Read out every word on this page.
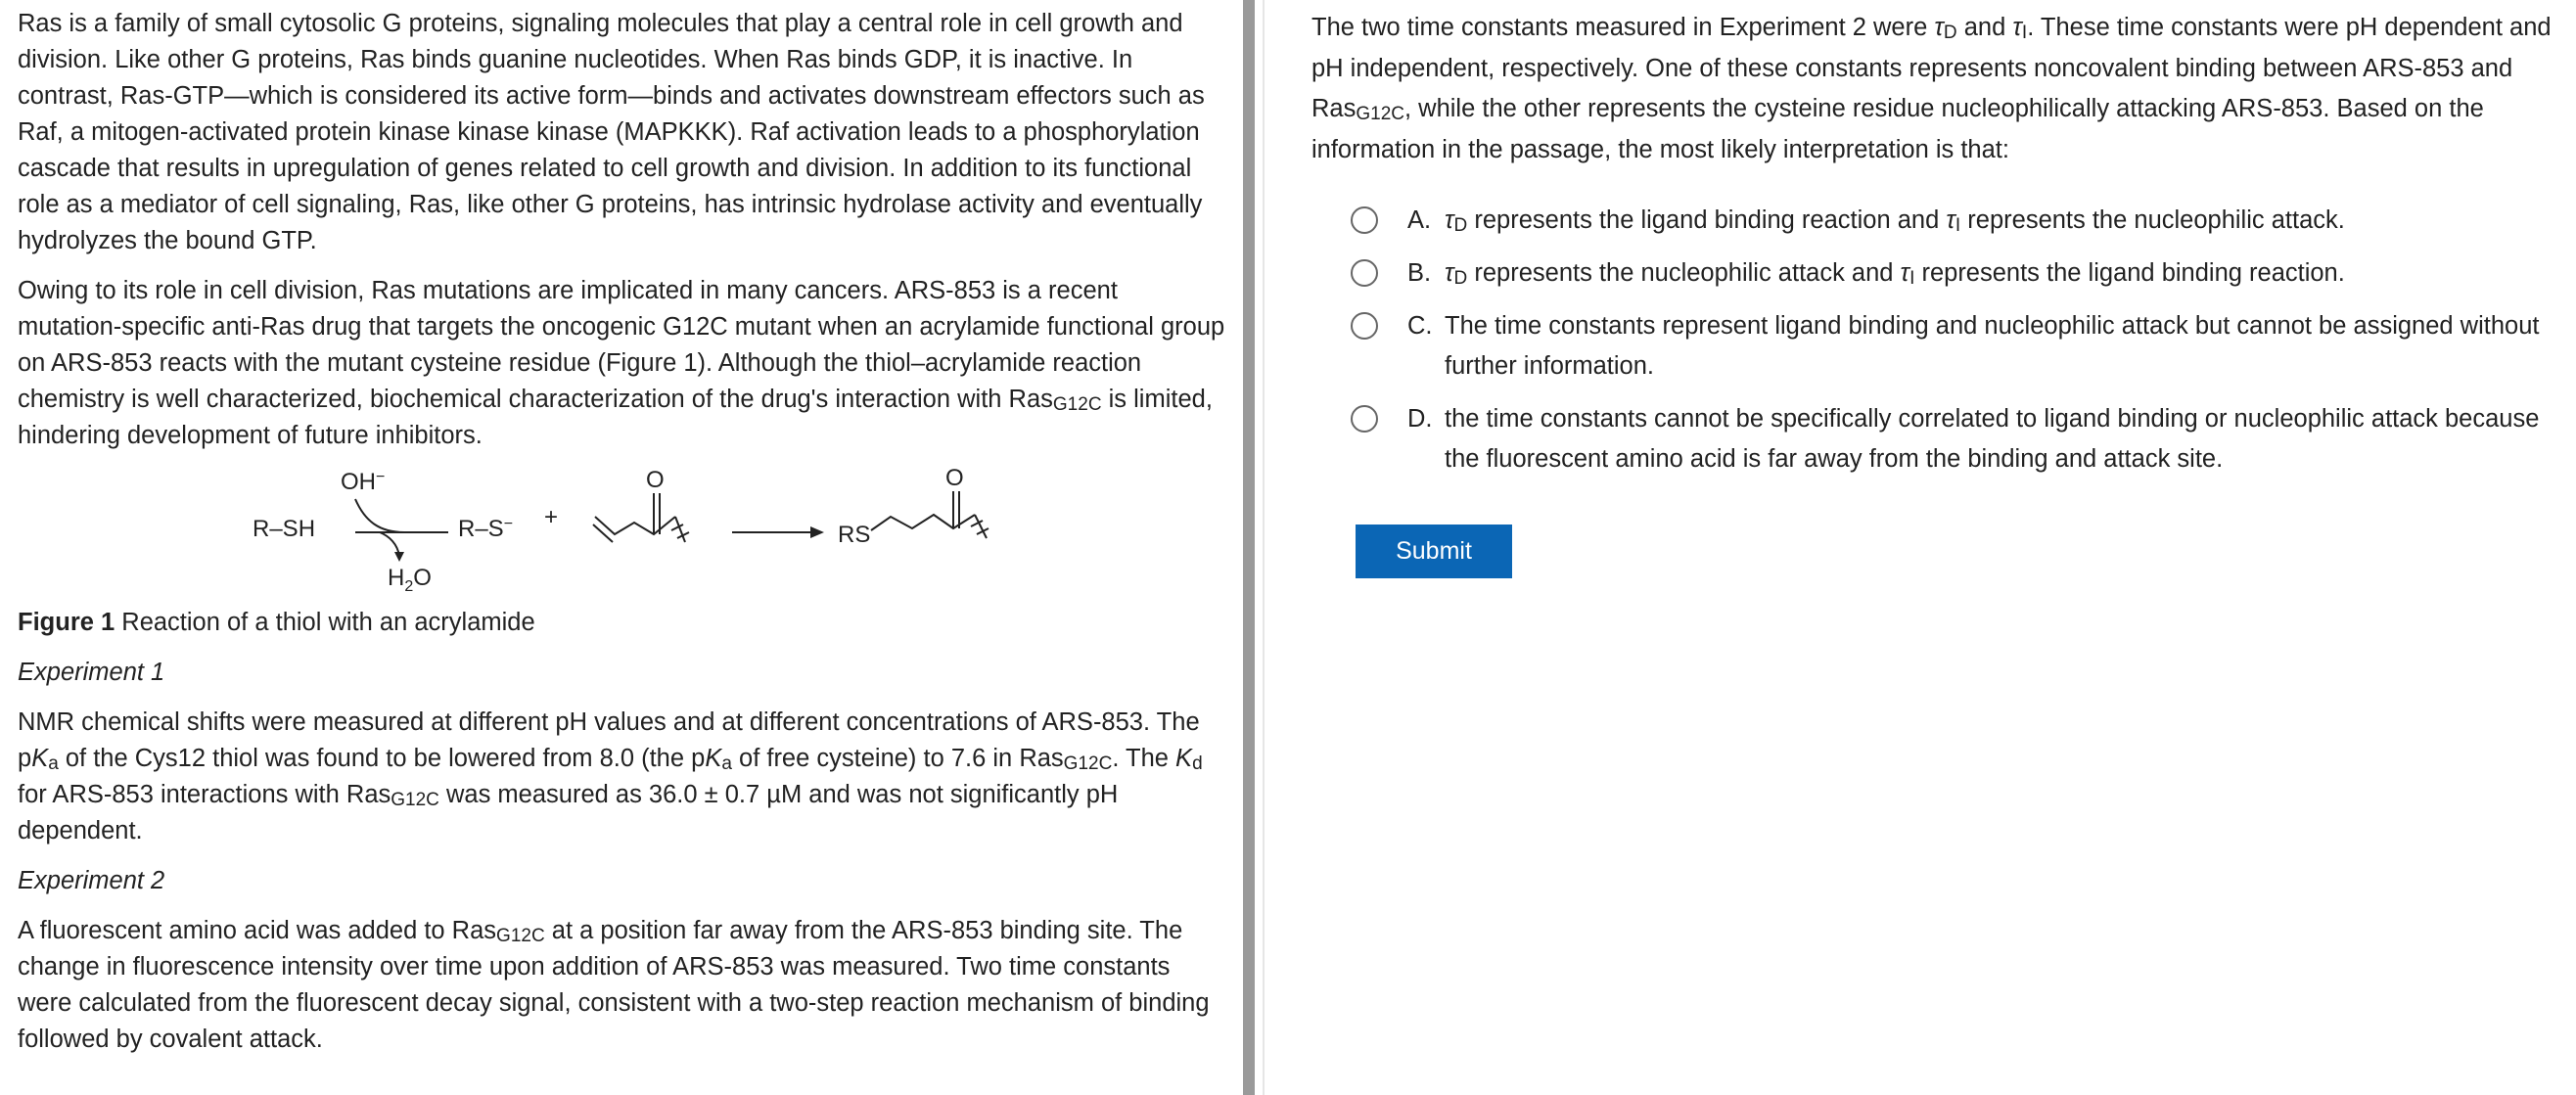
Ras is a family of small cytosolic G proteins, signaling molecules that play a central role in cell growth and division. Like other G proteins, Ras binds guanine nucleotides. When Ras binds GDP, it is inactive. In contrast, Ras-GTP—which is considered its active form—binds and activates downstream effectors such as Raf, a mitogen-activated protein kinase kinase kinase (MAPKKK). Raf activation leads to a phosphorylation cascade that results in upregulation of genes related to cell growth and division. In addition to its functional role as a mediator of cell signaling, Ras, like other G proteins, has intrinsic hydrolase activity and eventually hydrolyzes the bound GTP.

Owing to its role in cell division, Ras mutations are implicated in many cancers. ARS-853 is a recent mutation-specific anti-Ras drug that targets the oncogenic G12C mutant when an acrylamide functional group on ARS-853 reacts with the mutant cysteine residue (Figure 1). Although the thiol–acrylamide reaction chemistry is well characterized, biochemical characterization of the drug's interaction with Ras$_{G12C}$ is limited, hindering development of future inhibitors.

R–SH
OH−
$H_2O$
R–S− +
O
RS
O

Figure 1 Reaction of a thiol with an acrylamide

Experiment 1

NMR chemical shifts were measured at different pH values and at different concentrations of ARS-853. The $pK_a$ of the Cys12 thiol was found to be lowered from 8.0 (the $pK_a$ of free cysteine) to 7.6 in Ras$_{G12C}$. The $K_d$ for ARS-853 interactions with Ras$_{G12C}$ was measured as 36.0 ± 0.7 µM and was not significantly pH dependent.

Experiment 2

A fluorescent amino acid was added to Ras$_{G12C}$ at a position far away from the ARS-853 binding site. The change in fluorescence intensity over time upon addition of ARS-853 was measured. Two time constants were calculated from the fluorescent decay signal, consistent with a two-step reaction mechanism of binding followed by covalent attack.

The two time constants measured in Experiment 2 were $\tau_D$ and $\tau_I$. These time constants were pH dependent and pH independent, respectively. One of these constants represents noncovalent binding between ARS-853 and Ras$_{G12C}$, while the other represents the cysteine residue nucleophilically attacking ARS-853. Based on the information in the passage, the most likely interpretation is that:
A. $\tau_D$ represents the ligand binding reaction and $\tau_I$ represents the nucleophilic attack.
B. $\tau_D$ represents the nucleophilic attack and $\tau_I$ represents the ligand binding reaction.
C. The time constants represent ligand binding and nucleophilic attack but cannot be assigned without further information.
D. the time constants cannot be specifically correlated to ligand binding or nucleophilic attack because the fluorescent amino acid is far away from the binding and attack site.
Submit
